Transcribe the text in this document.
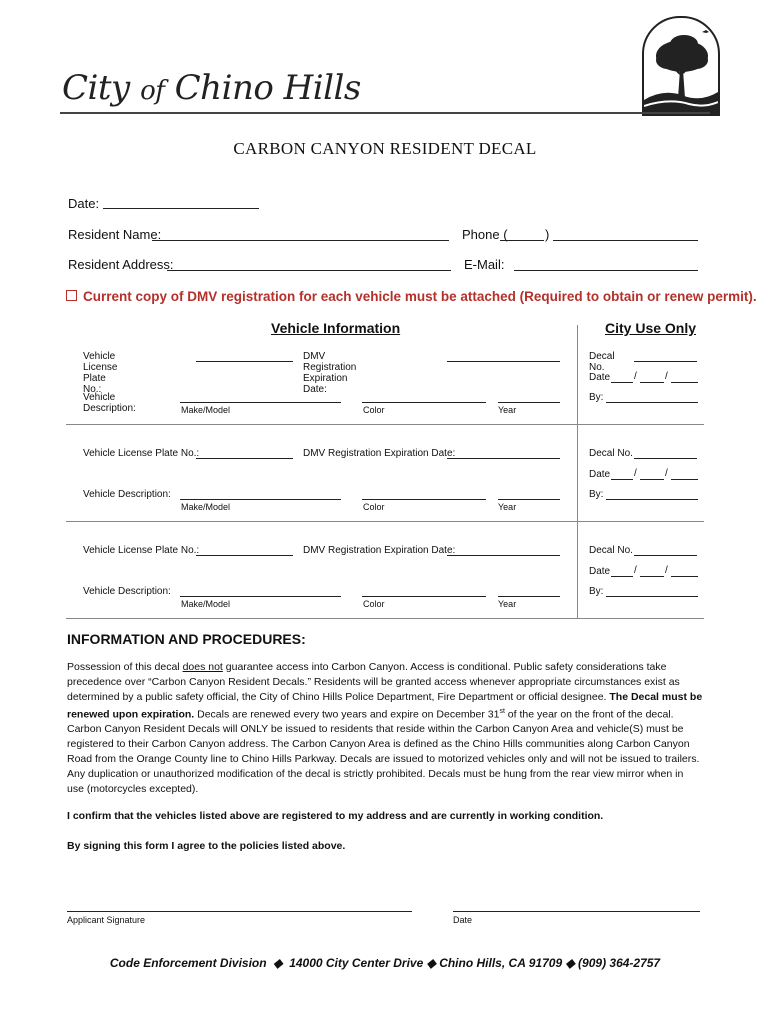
City of Chino Hills
CARBON CANYON RESIDENT DECAL
Date:
Resident Name:	Phone (	)
Resident Address:	E-Mail:
Current copy of DMV registration for each vehicle must be attached (Required to obtain or renew permit).
Vehicle Information	City Use Only
Vehicle License Plate No.:
DMV Registration Expiration Date:
Vehicle Description:	Make/Model	Color	Year
Decal No.
Date /	/
By:
Vehicle License Plate No.:	DMV Registration Expiration Date:
Vehicle Description:
Make/Model	Color	Year
Decal No.
Date /	/
By:
Vehicle License Plate No.:	DMV Registration Expiration Date:
Vehicle Description:
Make/Model	Color	Year
Decal No.
Date /	/
By:
INFORMATION AND PROCEDURES:
Possession of this decal does not guarantee access into Carbon Canyon. Access is conditional. Public safety considerations take precedence over “Carbon Canyon Resident Decals.” Residents will be granted access whenever appropriate circumstances exist as determined by a public safety official, the City of Chino Hills Police Department, Fire Department or official designee. The Decal must be renewed upon expiration. Decals are renewed every two years and expire on December 31st of the year on the front of the decal. Carbon Canyon Resident Decals will ONLY be issued to residents that reside within the Carbon Canyon Area and vehicle(S) must be registered to their Carbon Canyon address. The Carbon Canyon Area is defined as the Chino Hills communities along Carbon Canyon Road from the Orange County line to Chino Hills Parkway. Decals are issued to motorized vehicles only and will not be issued to trailers. Any duplication or unauthorized modification of the decal is strictly prohibited. Decals must be hung from the rear view mirror when in use (motorcycles excepted).
I confirm that the vehicles listed above are registered to my address and are currently in working condition.
By signing this form I agree to the policies listed above.
Applicant Signature	Date
Code Enforcement Division  ◆  14000 City Center Drive ◆ Chino Hills, CA 91709 ◆ (909) 364-2757
